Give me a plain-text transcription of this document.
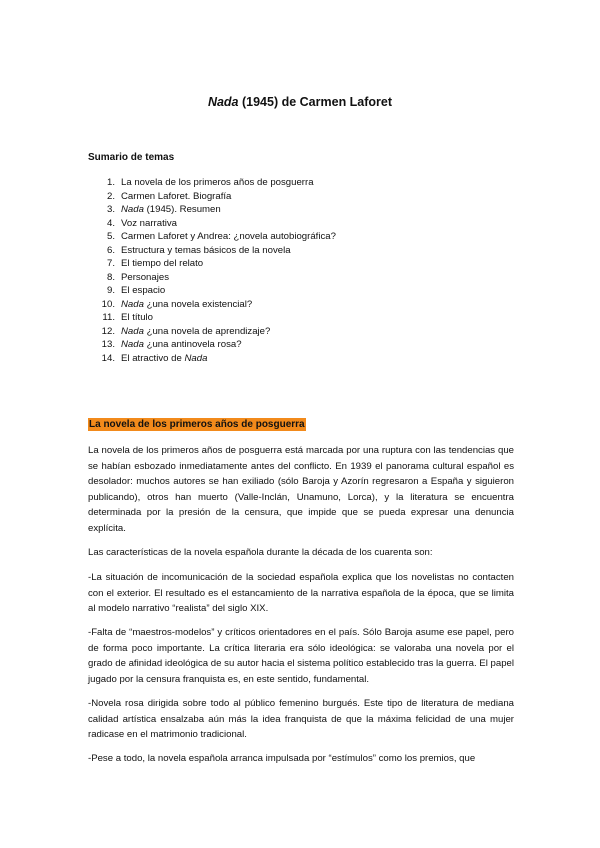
Nada (1945) de Carmen Laforet
Sumario de temas
1. La novela de los primeros años de posguerra
2. Carmen Laforet. Biografía
3. Nada (1945). Resumen
4. Voz narrativa
5. Carmen Laforet y Andrea: ¿novela autobiográfica?
6. Estructura y temas básicos de la novela
7. El tiempo del relato
8. Personajes
9. El espacio
10. Nada ¿una novela existencial?
11. El título
12. Nada ¿una novela de aprendizaje?
13. Nada ¿una antinovela rosa?
14. El atractivo de Nada
La novela de los primeros años de posguerra

La novela de los primeros años de posguerra está marcada por una ruptura con las tendencias que se habían esbozado inmediatamente antes del conflicto. En 1939 el panorama cultural español es desolador: muchos autores se han exiliado (sólo Baroja y Azorín regresaron a España y siguieron publicando), otros han muerto (Valle-Inclán, Unamuno, Lorca), y la literatura se encuentra determinada por la presión de la censura, que impide que se pueda expresar una denuncia explícita.

Las características de la novela española durante la década de los cuarenta son:

-La situación de incomunicación de la sociedad española explica que los novelistas no contacten con el exterior. El resultado es el estancamiento de la narrativa española de la época, que se limita al modelo narrativo “realista” del siglo XIX.

-Falta de “maestros-modelos” y críticos orientadores en el país. Sólo Baroja asume ese papel, pero de forma poco importante. La crítica literaria era sólo ideológica: se valoraba una novela por el grado de afinidad ideológica de su autor hacia el sistema político establecido tras la guerra. El papel jugado por la censura franquista es, en este sentido, fundamental.

-Novela rosa dirigida sobre todo al público femenino burgués. Este tipo de literatura de mediana calidad artística ensalzaba aún más la idea franquista de que la máxima felicidad de una mujer radicase en el matrimonio tradicional.

-Pese a todo, la novela española arranca impulsada por “estímulos” como los premios, que
